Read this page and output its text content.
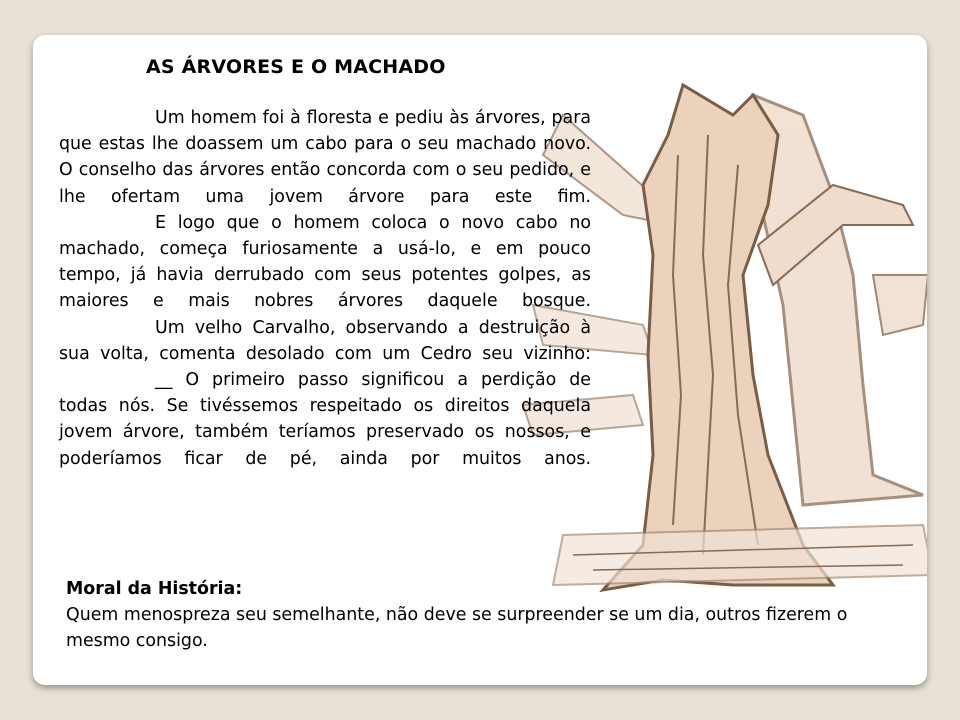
AS ÁRVORES E O MACHADO

Um homem foi à floresta e pediu às árvores, para que estas lhe doassem um cabo para o seu machado novo. O conselho das árvores então concorda com o seu pedido, e lhe ofertam uma jovem árvore para este fim.

E logo que o homem coloca o novo cabo no machado, começa furiosamente a usá-lo, e em pouco tempo, já havia derrubado com seus potentes golpes, as maiores e mais nobres árvores daquele bosque.

Um velho Carvalho, observando a destruição à sua volta, comenta desolado com um Cedro seu vizinho:

__ O primeiro passo significou a perdição de todas nós. Se tivéssemos respeitado os direitos daquela jovem árvore, também teríamos preservado os nossos, e poderíamos ficar de pé, ainda por muitos anos.

Moral da História:
Quem menospreza seu semelhante, não deve se surpreender se um dia, outros fizerem o mesmo consigo.
